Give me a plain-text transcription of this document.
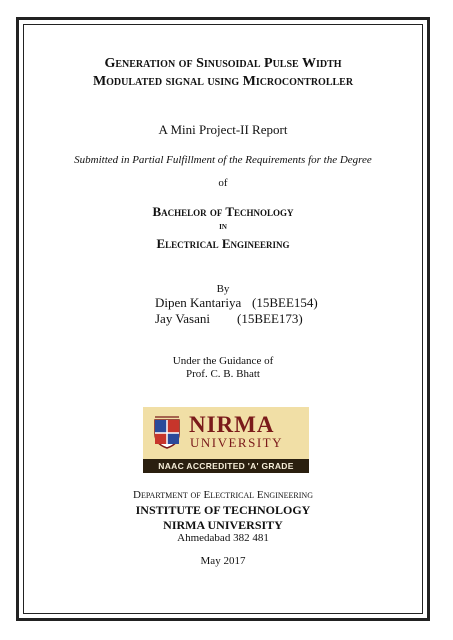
Generation of Sinusoidal Pulse Width
Modulated signal using Microcontroller
A Mini Project-II Report
Submitted in Partial Fulfillment of the Requirements for the Degree
of
Bachelor of Technology
in
Electrical Engineering
By
Dipen Kantariya (15BEE154)
Jay Vasani	(15BEE173)
Under the Guidance of
Prof. C. B. Bhatt
NIRMA
UNIVERSITY
NAAC ACCREDITED 'A' GRADE
Department of Electrical Engineering
INSTITUTE OF TECHNOLOGY
NIRMA UNIVERSITY
Ahmedabad 382 481
May 2017
